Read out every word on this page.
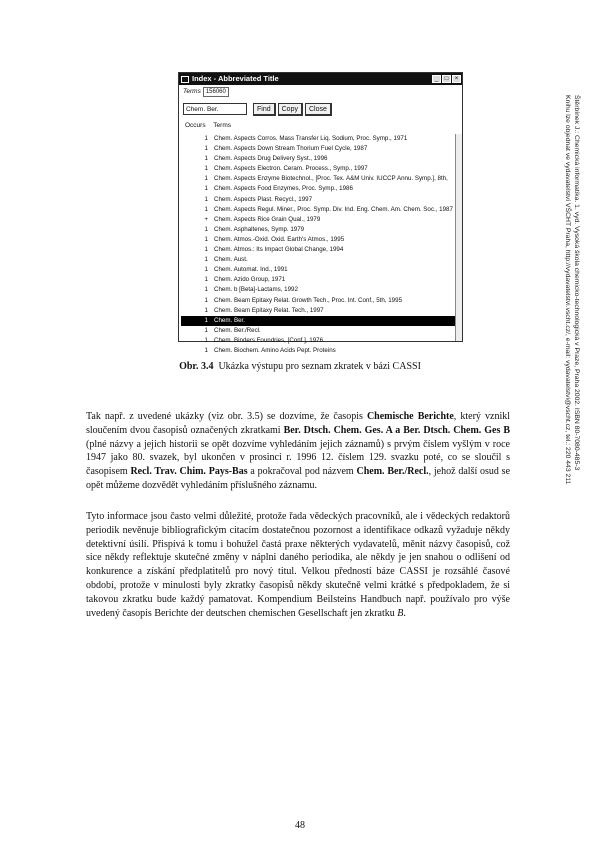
Index - Abbreviated Title	_	□	×
Terms 156060
Chem. Ber.	Find	Copy	Close
Occurs Terms
1 Chem. Aspects Corros. Mass Transfer Liq. Sodium, Proc. Symp., 1971
1 Chem. Aspects Down Stream Thorium Fuel Cycle, 1987
1 Chem. Aspects Drug Delivery Syst., 1996
1 Chem. Aspects Electron. Ceram. Process., Symp., 1997
1 Chem. Aspects Enzyme Biotechnol., [Proc. Tex. A&M Univ. IUCCP Annu. Symp.], 8th,
1 Chem. Aspects Food Enzymes, Proc. Symp., 1986
1 Chem. Aspects Plast. Recycl., 1997
1 Chem. Aspects Regul. Miner., Proc. Symp. Div. Ind. Eng. Chem. Am. Chem. Soc., 1987
+ Chem. Aspects Rice Grain Qual., 1979
1 Chem. Asphaltenes, Symp. 1979
1 Chem. Atmos.-Oxid. Oxid. Earth's Atmos., 1995
1 Chem. Atmos.: Its Impact Global Change, 1994
1 Chem. Aust.
1 Chem. Automat. Ind., 1991
1 Chem. Azido Group, 1971
1 Chem. b [Beta]-Lactams, 1992
1 Chem. Beam Epitaxy Relat. Growth Tech., Proc. Int. Conf., 5th, 1995
1 Chem. Beam Epitaxy Relat. Tech., 1997
1 Chem. Ber.
1 Chem. Ber./Recl.
1 Chem. Binders Foundries, [Conf.], 1976
1 Chem. Biochem. Amino Acids Pept. Proteins
Obr. 3.4 Ukázka výstupu pro seznam zkratek v bázi CASSI
Tak např. z uvedené ukázky (viz obr. 3.5) se dozvíme, že časopis Chemische Berichte, který vznikl sloučením dvou časopisů označených zkratkami Ber. Dtsch. Chem. Ges. A a Ber. Dtsch. Chem. Ges B (plné názvy a jejich historii se opět dozvíme vyhledáním jejich záznamů) s prvým číslem vyšlým v roce 1947 jako 80. svazek, byl ukončen v prosinci r. 1996 12. číslem 129. svazku poté, co se sloučil s časopisem Recl. Trav. Chim. Pays-Bas a pokračoval pod názvem Chem. Ber./Recl., jehož další osud se opět můžeme dozvědět vyhledáním příslušného záznamu.
Tyto informace jsou často velmi důležité, protože řada vědeckých pracovníků, ale i vědeckých redaktorů periodik nevěnuje bibliografickým citacím dostatečnou pozornost a identifikace odkazů vyžaduje někdy detektivní úsilí. Přispívá k tomu i bohužel častá praxe některých vydavatelů, měnit názvy časopisů, což sice někdy reflektuje skutečné změny v náplni daného periodika, ale někdy je jen snahou o odlišení od konkurence a získání předplatitelů pro nový titul. Velkou předností báze CASSI je rozsáhlé časové období, protože v minulosti byly zkratky časopisů někdy skutečně velmi krátké s předpokladem, že si takovou zkratku bude každý pamatovat. Kompendium Beilsteins Handbuch např. používalo pro výše uvedený časopis Berichte der deutschen chemischen Gesellschaft jen zkratku B.
48
Štěrbínek J.: Chemická informatika. 1. vyd. Vysoká škola chemicko-technologická v Praze, Praha 2002. ISBN 80-7080-485-3
Knihu lze objednat ve vydavatelství VŠCHT Praha, http://vydavatelstvi.vscht.cz/, e-mail: vydavatelstvi@vscht.cz, tel.: 220 443 211
